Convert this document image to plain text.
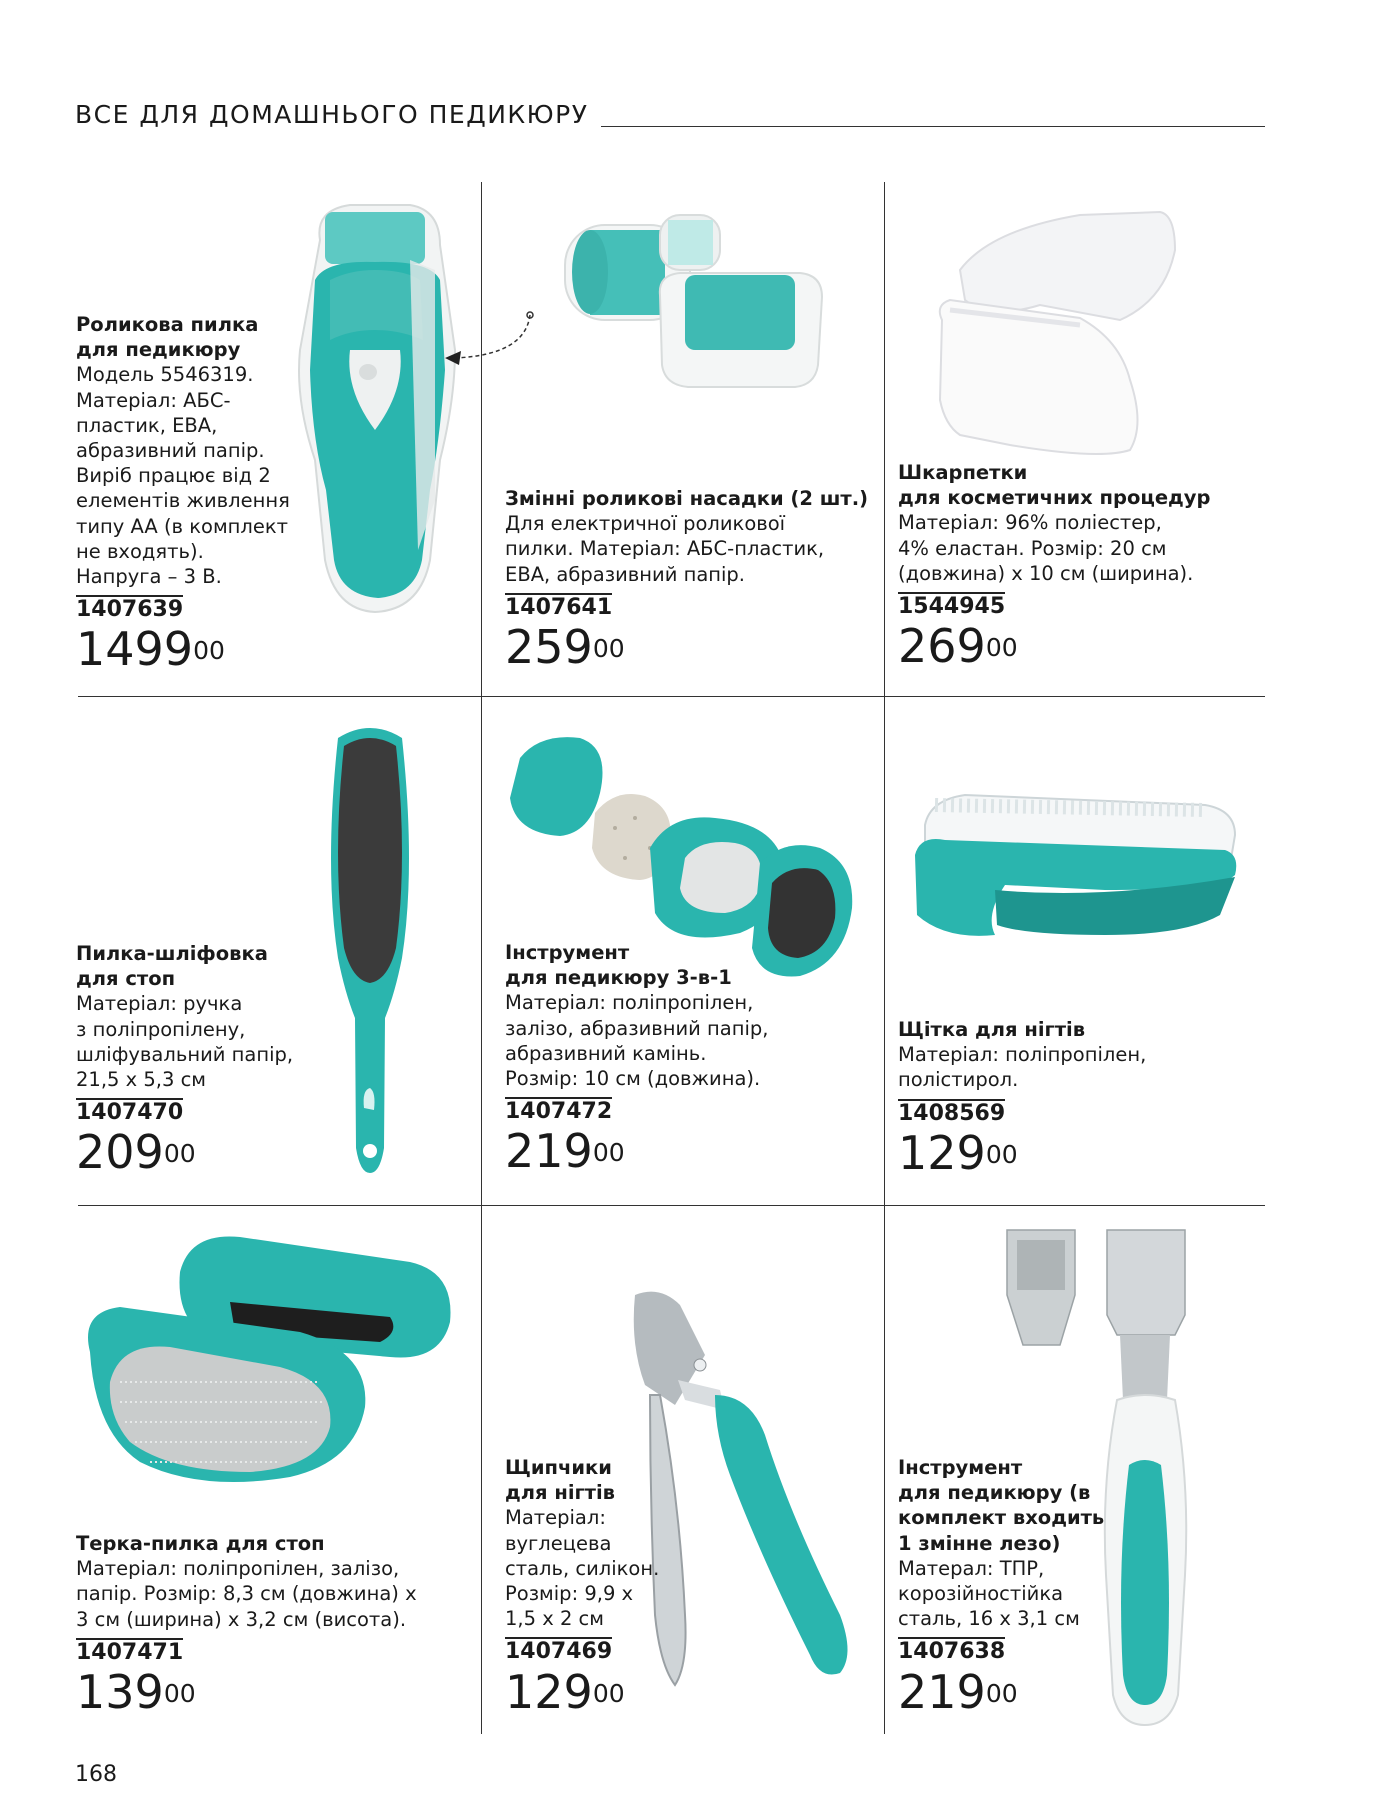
ВСЕ ДЛЯ ДОМАШНЬОГО ПЕДИКЮРУ
Роликова пилка
для педикюру
Модель 5546319.
Матеріал: АБС-
пластик, EBA,
абразивний папір.
Виріб працює від 2
елементів живлення
типу AA (в комплект
не входять).
Напруга – 3 В.
1407639
1499$^{00}$
Змінні роликові насадки (2 шт.)
Для електричної роликової
пилки. Матеріал: АБС-пластик,
EBA, абразивний папір.
1407641
$259^{00}$
Шкарпетки
для косметичних процедур
Матеріал: 96% поліестер,
4% еластан. Розмір: 20 см
(довжина) х 10 см (ширина).
1544945
$269^{00}$
Пилка-шліфовка
для стоп
Матеріал: ручка
з поліпропілену,
шліфувальний папір,
21,5 х 5,3 см
1407470
$209^{00}$
Інструмент
для педикюру 3-в-1
Матеріал: поліпропілен,
залізо, абразивний папір,
абразивний камінь.
Розмір: 10 см (довжина).
1407472
$219^{00}$
Щітка для нігтів
Матеріал: поліпропілен,
полістирол.
1408569
$129^{00}$
Терка-пилка для стоп
Матеріал: поліпропілен, залізо,
папір. Розмір: 8,3 см (довжина) х
3 см (ширина) х 3,2 см (висота).
1407471
$139^{00}$
Щипчики
для нігтів
Матеріал:
вуглецева
сталь, силікон.
Розмір: 9,9 х
1,5 х 2 см
1407469
$129^{00}$
Інструмент
для педикюру (в
комплект входить
1 змінне лезо)
Матерал: ТПР,
корозійностійка
сталь, 16 х 3,1 см
1407638
$219^{00}$
168
